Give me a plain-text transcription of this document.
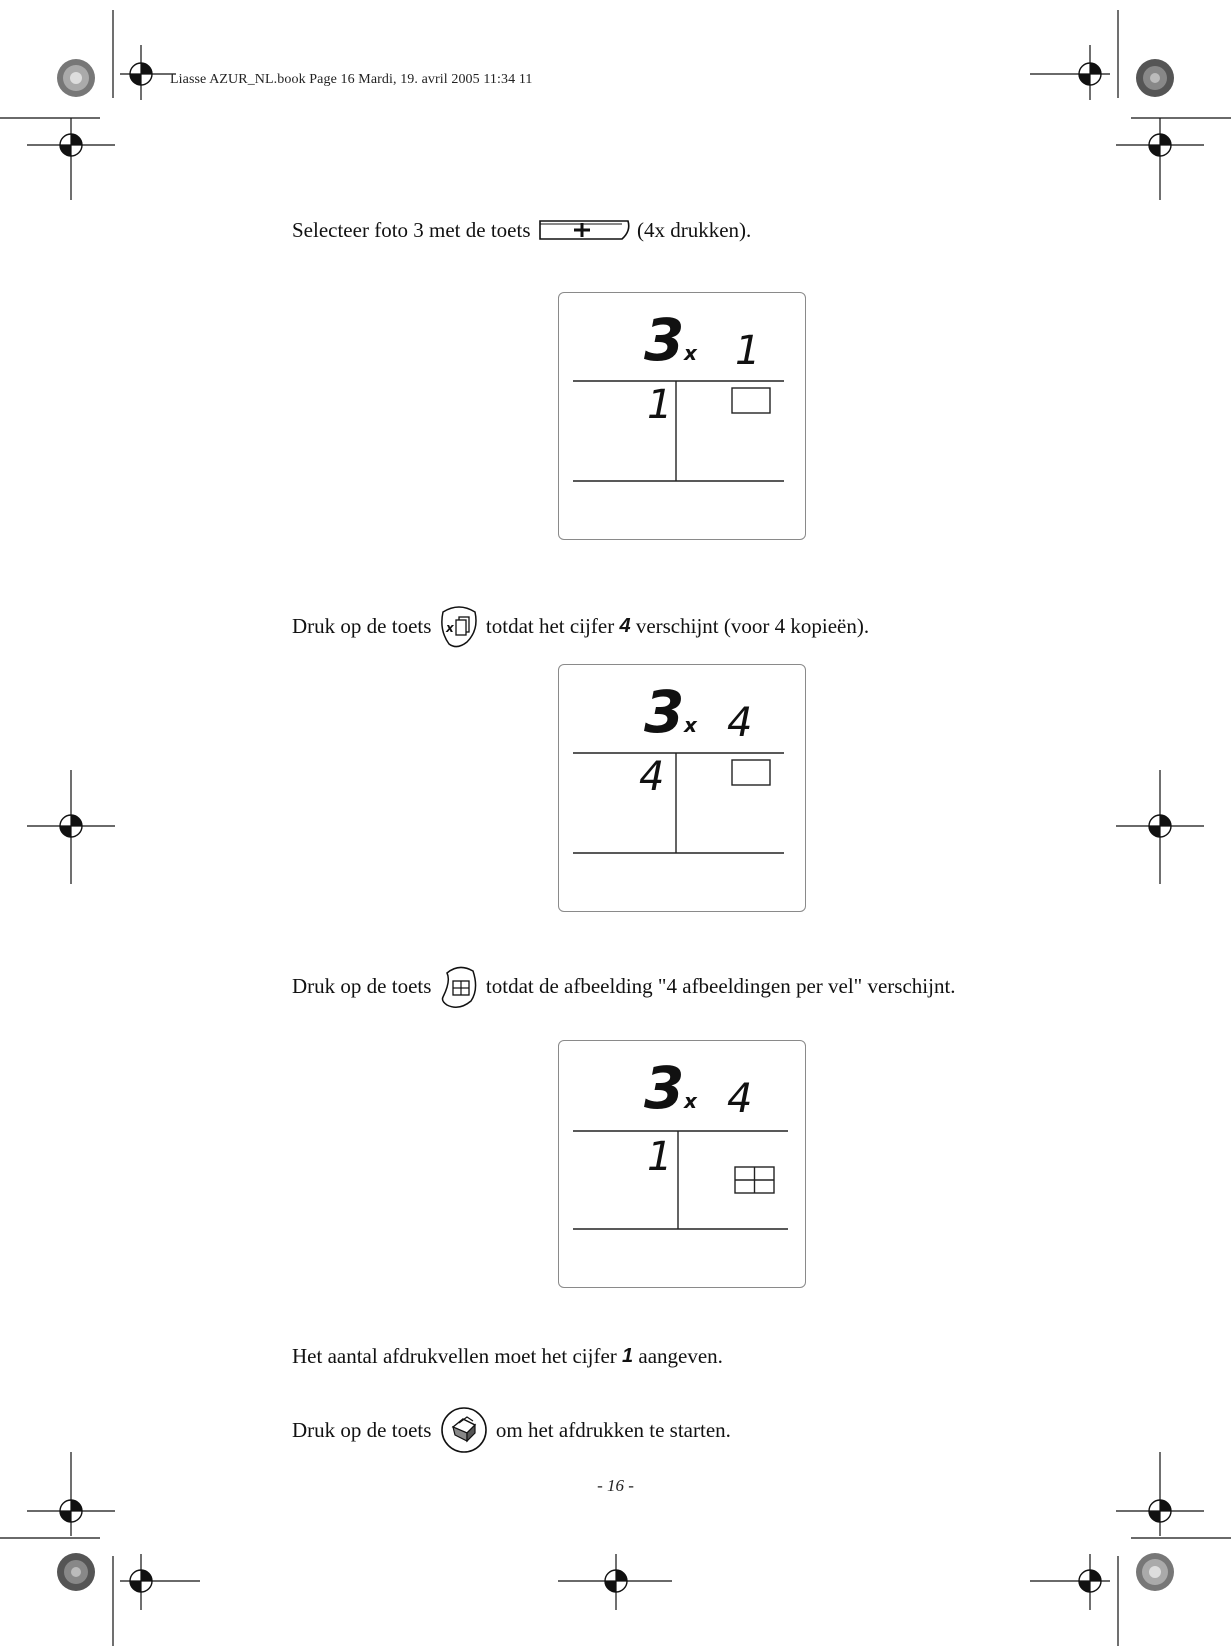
Liasse AZUR_NL.book Page 16 Mardi, 19. avril 2005 11:34 11
Selecteer foto 3 met de toets	(4x drukken).
3 x 1
1
Druk op de toets x totdat het cijfer 4 verschijnt (voor 4 kopieën).
3 x 4
4
Druk op de toets	totdat de afbeelding "4 afbeeldingen per vel" verschijnt.
3 x 4
1
Het aantal afdrukvellen moet het cijfer 1 aangeven.
Druk op de toets	om het afdrukken te starten.
- 16 -
